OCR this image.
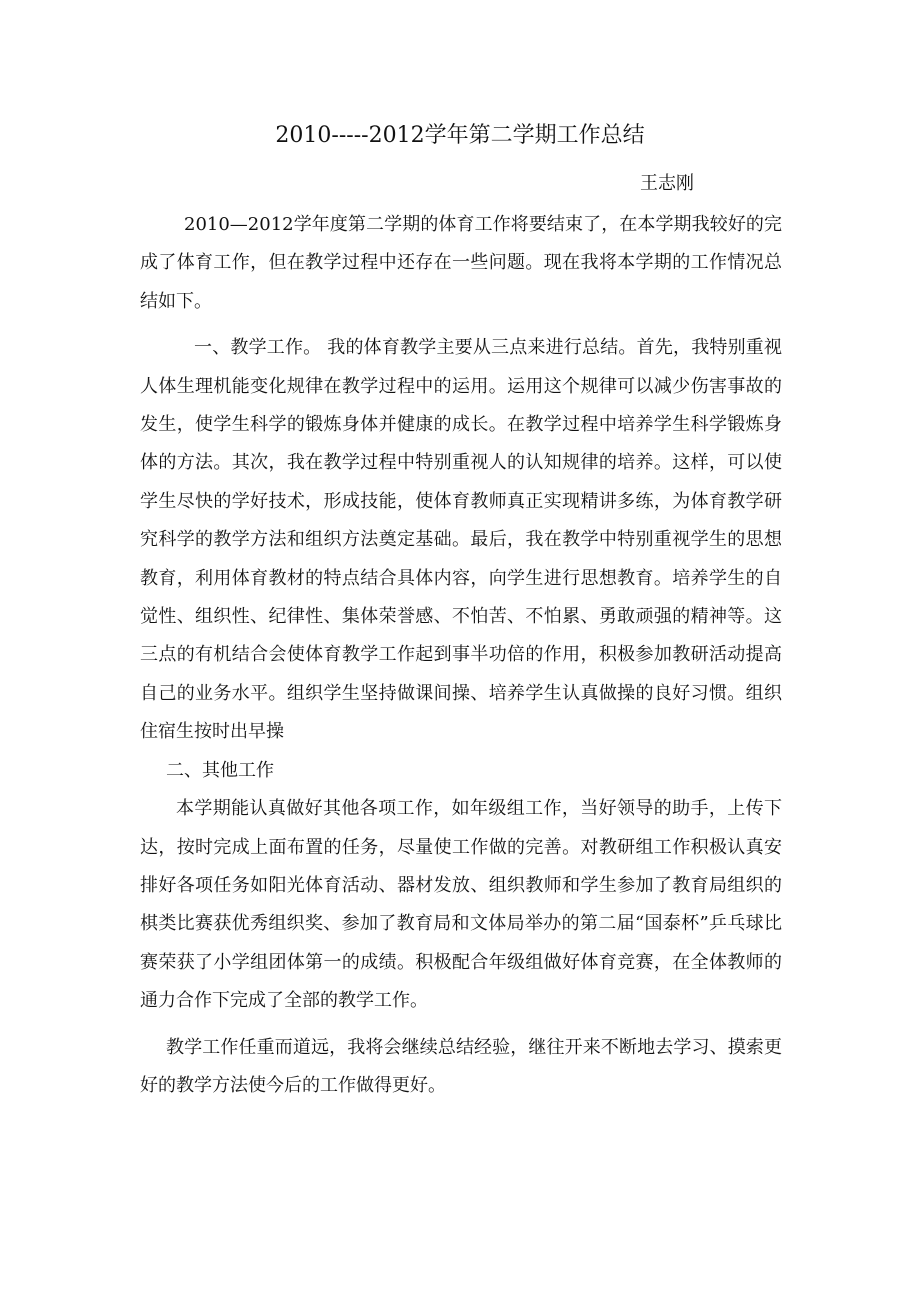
2010-----2012学年第二学期工作总结
王志刚

2010—2012学年度第二学期的体育工作将要结束了，在本学期我较好的完成了体育工作，但在教学过程中还存在一些问题。现在我将本学期的工作情况总结如下。

一、教学工作。 我的体育教学主要从三点来进行总结。首先，我特别重视人体生理机能变化规律在教学过程中的运用。运用这个规律可以减少伤害事故的发生，使学生科学的锻炼身体并健康的成长。在教学过程中培养学生科学锻炼身体的方法。其次，我在教学过程中特别重视人的认知规律的培养。这样，可以使学生尽快的学好技术，形成技能，使体育教师真正实现精讲多练，为体育教学研究科学的教学方法和组织方法奠定基础。最后，我在教学中特别重视学生的思想教育，利用体育教材的特点结合具体内容，向学生进行思想教育。培养学生的自觉性、组织性、纪律性、集体荣誉感、不怕苦、不怕累、勇敢顽强的精神等。这三点的有机结合会使体育教学工作起到事半功倍的作用，积极参加教研活动提高自己的业务水平。组织学生坚持做课间操、培养学生认真做操的良好习惯。组织住宿生按时出早操

二、其他工作

本学期能认真做好其他各项工作，如年级组工作，当好领导的助手，上传下达，按时完成上面布置的任务，尽量使工作做的完善。对教研组工作积极认真安排好各项任务如阳光体育活动、器材发放、组织教师和学生参加了教育局组织的棋类比赛获优秀组织奖、参加了教育局和文体局举办的第二届“国泰杯”乒乓球比赛荣获了小学组团体第一的成绩。积极配合年级组做好体育竞赛，在全体教师的通力合作下完成了全部的教学工作。

教学工作任重而道远，我将会继续总结经验，继往开来不断地去学习、摸索更好的教学方法使今后的工作做得更好。
